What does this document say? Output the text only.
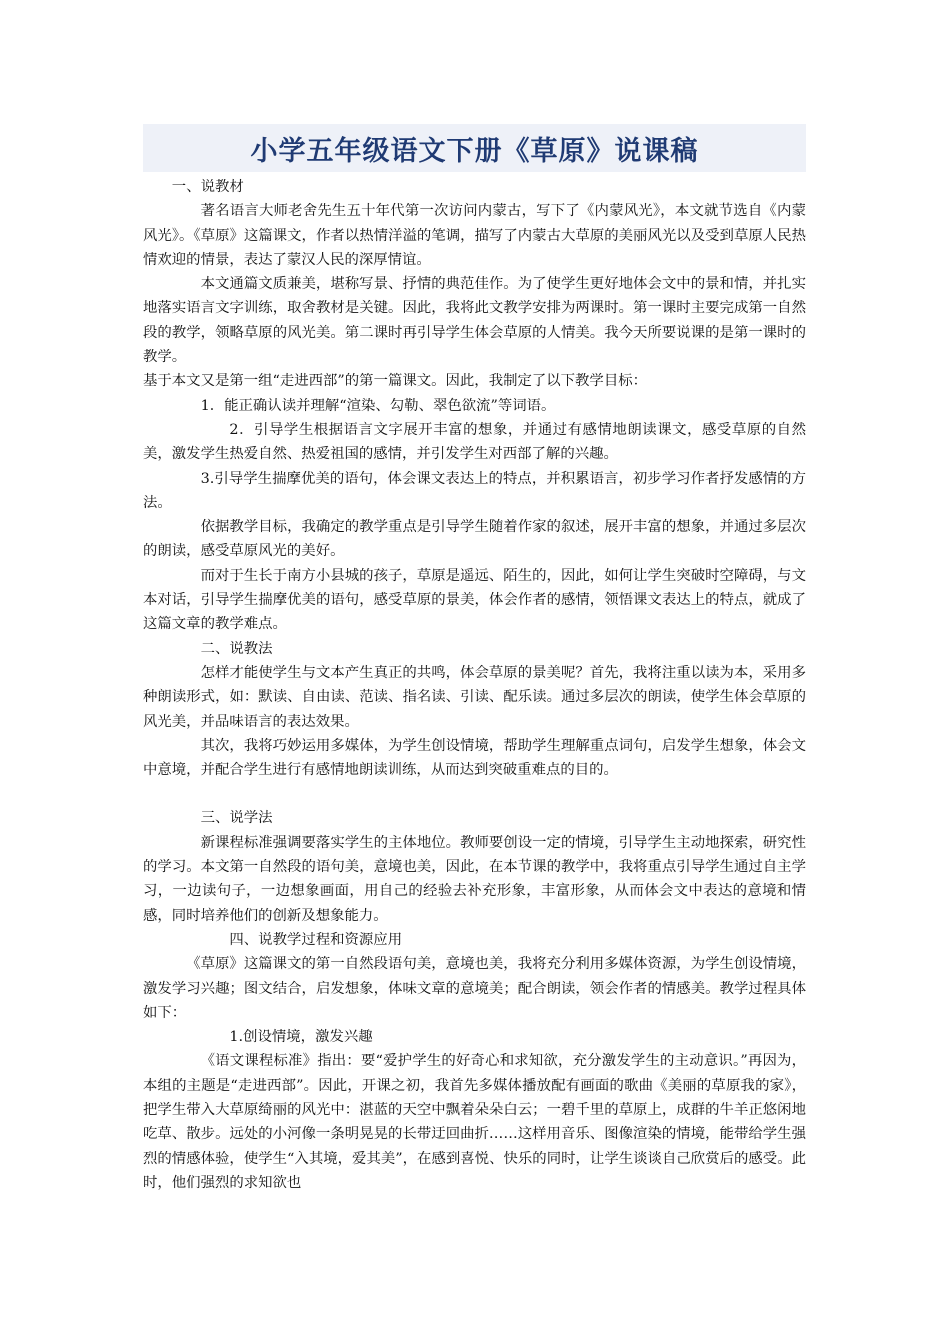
小学五年级语文下册《草原》说课稿

一、说教材

著名语言大师老舍先生五十年代第一次访问内蒙古，写下了《内蒙风光》，本文就节选自《内蒙风光》。《草原》这篇课文，作者以热情洋溢的笔调，描写了内蒙古大草原的美丽风光以及受到草原人民热情欢迎的情景，表达了蒙汉人民的深厚情谊。

本文通篇文质兼美，堪称写景、抒情的典范佳作。为了使学生更好地体会文中的景和情，并扎实地落实语言文字训练，取舍教材是关键。因此，我将此文教学安排为两课时。第一课时主要完成第一自然段的教学，领略草原的风光美。第二课时再引导学生体会草原的人情美。我今天所要说课的是第一课时的教学。

基于本文又是第一组“走进西部”的第一篇课文。因此，我制定了以下教学目标：

1．能正确认读并理解“渲染、勾勒、翠色欲流”等词语。

2．引导学生根据语言文字展开丰富的想象，并通过有感情地朗读课文，感受草原的自然美，激发学生热爱自然、热爱祖国的感情，并引发学生对西部了解的兴趣。

3.引导学生揣摩优美的语句，体会课文表达上的特点，并积累语言，初步学习作者抒发感情的方法。

依据教学目标，我确定的教学重点是引导学生随着作家的叙述，展开丰富的想象，并通过多层次的朗读，感受草原风光的美好。

而对于生长于南方小县城的孩子，草原是遥远、陌生的，因此，如何让学生突破时空障碍，与文本对话，引导学生揣摩优美的语句，感受草原的景美，体会作者的感情，领悟课文表达上的特点，就成了这篇文章的教学难点。

二、说教法

怎样才能使学生与文本产生真正的共鸣，体会草原的景美呢？首先，我将注重以读为本，采用多种朗读形式，如：默读、自由读、范读、指名读、引读、配乐读。通过多层次的朗读，使学生体会草原的风光美，并品味语言的表达效果。

其次，我将巧妙运用多媒体，为学生创设情境，帮助学生理解重点词句，启发学生想象，体会文中意境，并配合学生进行有感情地朗读训练，从而达到突破重难点的目的。

三、说学法

新课程标准强调要落实学生的主体地位。教师要创设一定的情境，引导学生主动地探索，研究性的学习。本文第一自然段的语句美，意境也美，因此，在本节课的教学中，我将重点引导学生通过自主学习，一边读句子，一边想象画面，用自己的经验去补充形象，丰富形象，从而体会文中表达的意境和情感，同时培养他们的创新及想象能力。

四、说教学过程和资源应用

《草原》这篇课文的第一自然段语句美，意境也美，我将充分利用多媒体资源，为学生创设情境，激发学习兴趣；图文结合，启发想象，体味文章的意境美；配合朗读，领会作者的情感美。教学过程具体如下：

1.创设情境，激发兴趣

《语文课程标准》指出：要“爱护学生的好奇心和求知欲，充分激发学生的主动意识。”再因为，本组的主题是“走进西部”。因此，开课之初，我首先多媒体播放配有画面的歌曲《美丽的草原我的家》，把学生带入大草原绮丽的风光中：湛蓝的天空中飘着朵朵白云；一碧千里的草原上，成群的牛羊正悠闲地吃草、散步。远处的小河像一条明晃晃的长带迂回曲折……这样用音乐、图像渲染的情境，能带给学生强烈的情感体验，使学生“入其境，爱其美”，在感到喜悦、快乐的同时，让学生谈谈自己欣赏后的感受。此时，他们强烈的求知欲也
